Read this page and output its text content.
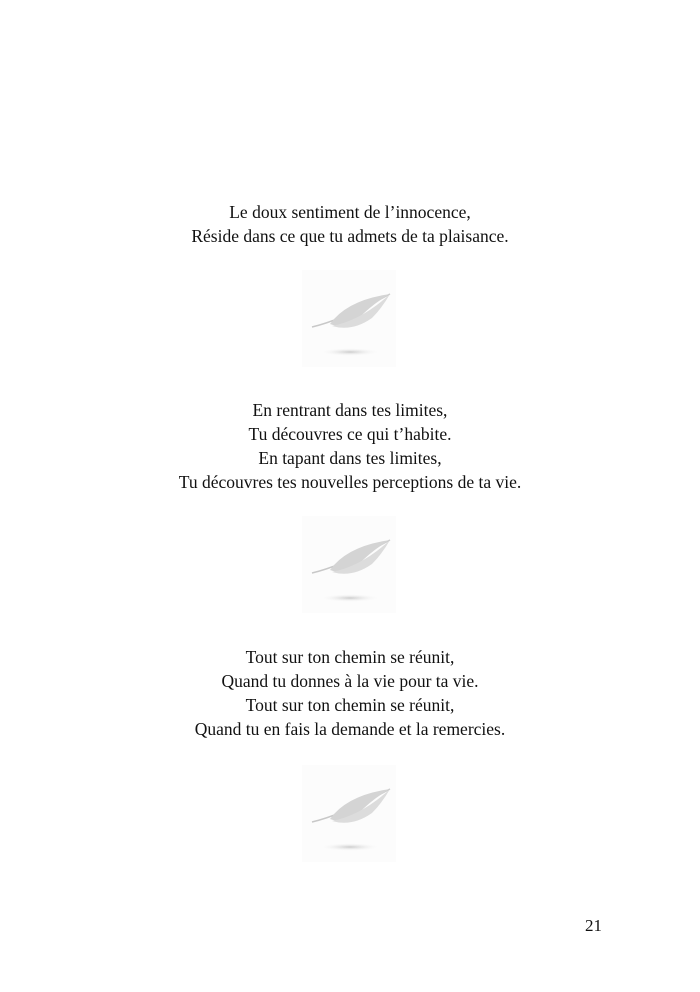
Le doux sentiment de l’innocence,
Réside dans ce que tu admets de ta plaisance.
En rentrant dans tes limites,
Tu découvres ce qui t’habite.
En tapant dans tes limites,
Tu découvres tes nouvelles perceptions de ta vie.
Tout sur ton chemin se réunit,
Quand tu donnes à la vie pour ta vie.
Tout sur ton chemin se réunit,
Quand tu en fais la demande et la remercies.
21
